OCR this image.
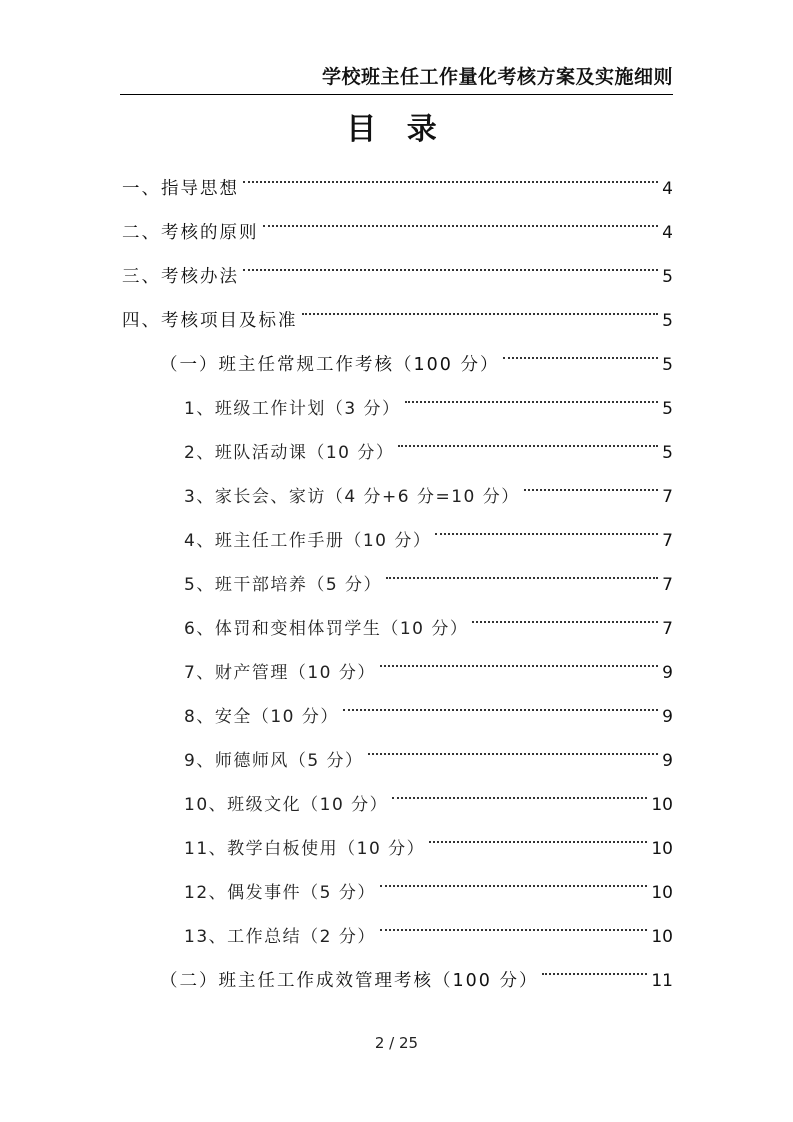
学校班主任工作量化考核方案及实施细则
目 录
一、指导思想	4
二、考核的原则	4
三、考核办法	5
四、考核项目及标准	5
（一）班主任常规工作考核（100 分）	5
1、班级工作计划（3 分）	5
2、班队活动课（10 分）	5
3、家长会、家访（4 分+6 分=10 分）	7
4、班主任工作手册（10 分）	7
5、班干部培养（5 分）	7
6、体罚和变相体罚学生（10 分）	7
7、财产管理（10 分）	9
8、安全（10 分）	9
9、师德师风（5 分）	9
10、班级文化（10 分）	10
11、教学白板使用（10 分）	10
12、偶发事件（5 分）	10
13、工作总结（2 分）	10
（二）班主任工作成效管理考核（100 分）	11
2 / 25
